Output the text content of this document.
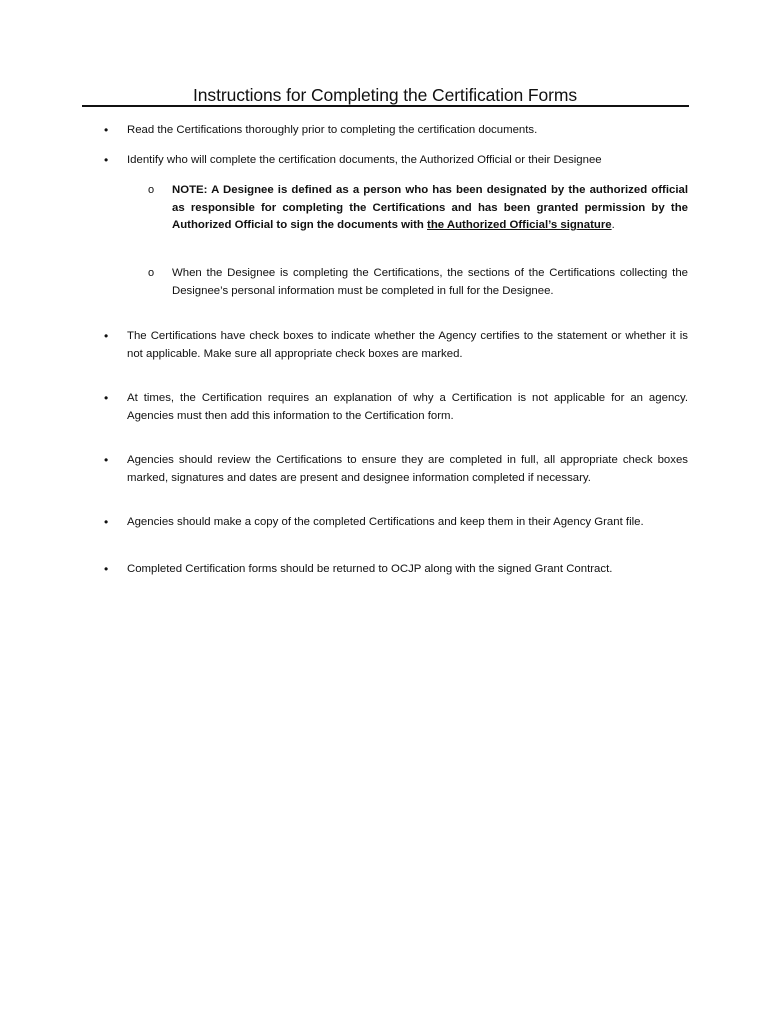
Instructions for Completing the Certification Forms
•	Read the Certifications thoroughly prior to completing the certification documents.
•	Identify who will complete the certification documents, the Authorized Official or their Designee
o	NOTE: A Designee is defined as a person who has been designated by the authorized official as responsible for completing the Certifications and has been granted permission by the Authorized Official to sign the documents with the Authorized Official’s signature.
o	When the Designee is completing the Certifications, the sections of the Certifications collecting the Designee’s personal information must be completed in full for the Designee.
•	The Certifications have check boxes to indicate whether the Agency certifies to the statement or whether it is not applicable. Make sure all appropriate check boxes are marked.
•	At times, the Certification requires an explanation of why a Certification is not applicable for an agency. Agencies must then add this information to the Certification form.
•	Agencies should review the Certifications to ensure they are completed in full, all appropriate check boxes marked, signatures and dates are present and designee information completed if necessary.
•	Agencies should make a copy of the completed Certifications and keep them in their Agency Grant file.
•	Completed Certification forms should be returned to OCJP along with the signed Grant Contract.
